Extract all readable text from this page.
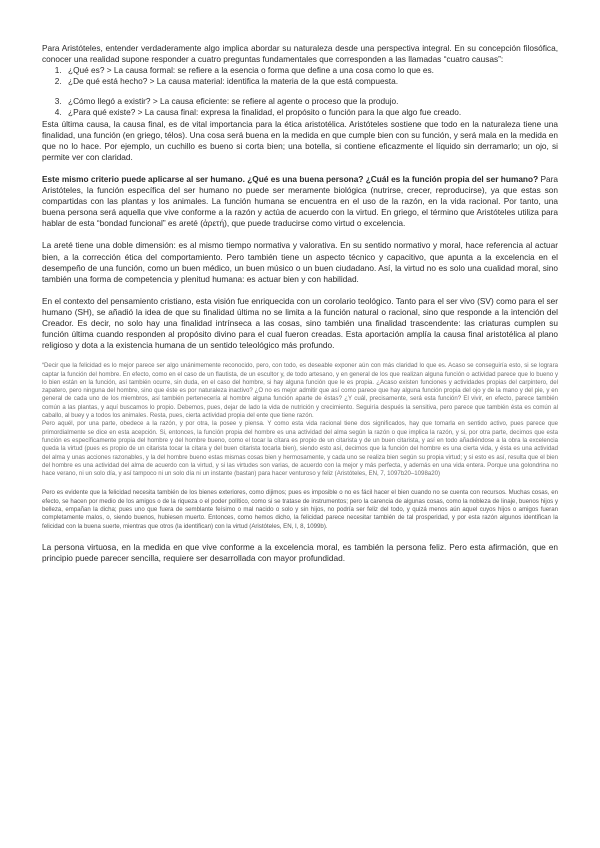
Para Aristóteles, entender verdaderamente algo implica abordar su naturaleza desde una perspectiva integral. En su concepción filosófica, conocer una realidad supone responder a cuatro preguntas fundamentales que corresponden a las llamadas “cuatro causas”:

1. ¿Qué es? > La causa formal: se refiere a la esencia o forma que define a una cosa como lo que es.
2. ¿De qué está hecho? > La causa material: identifica la materia de la que está compuesta.
3. ¿Cómo llegó a existir? > La causa eficiente: se refiere al agente o proceso que la produjo.
4. ¿Para qué existe? > La causa final: expresa la finalidad, el propósito o función para la que algo fue creado.

Esta última causa, la causa final, es de vital importancia para la ética aristotélica. Aristóteles sostiene que todo en la naturaleza tiene una finalidad, una función (en griego, télos). Una cosa será buena en la medida en que cumple bien con su función, y será mala en la medida en que no lo hace. Por ejemplo, un cuchillo es bueno si corta bien; una botella, si contiene eficazmente el líquido sin derramarlo; un ojo, si permite ver con claridad.

Este mismo criterio puede aplicarse al ser humano. ¿Qué es una buena persona? ¿Cuál es la función propia del ser humano? Para Aristóteles, la función específica del ser humano no puede ser meramente biológica (nutrirse, crecer, reproducirse), ya que estas son compartidas con las plantas y los animales. La función humana se encuentra en el uso de la razón, en la vida racional. Por tanto, una buena persona será aquella que vive conforme a la razón y actúa de acuerdo con la virtud. En griego, el término que Aristóteles utiliza para hablar de esta “bondad funcional” es areté (ἀρετή), que puede traducirse como virtud o excelencia.

La areté tiene una doble dimensión: es al mismo tiempo normativa y valorativa. En su sentido normativo y moral, hace referencia al actuar bien, a la corrección ética del comportamiento. Pero también tiene un aspecto técnico y capacitivo, que apunta a la excelencia en el desempeño de una función, como un buen médico, un buen músico o un buen ciudadano. Así, la virtud no es solo una cualidad moral, sino también una forma de competencia y plenitud humana: es actuar bien y con habilidad.

En el contexto del pensamiento cristiano, esta visión fue enriquecida con un corolario teológico. Tanto para el ser vivo (SV) como para el ser humano (SH), se añadió la idea de que su finalidad última no se limita a la función natural o racional, sino que responde a la intención del Creador. Es decir, no solo hay una finalidad intrínseca a las cosas, sino también una finalidad trascendente: las criaturas cumplen su función última cuando responden al propósito divino para el cual fueron creadas. Esta aportación amplía la causa final aristotélica al plano religioso y dota a la existencia humana de un sentido teleológico más profundo.

“Decir que la felicidad es lo mejor parece ser algo unánimemente reconocido, pero, con todo, es deseable exponer aún con más claridad lo que es. Acaso se conseguiría esto, si se lograra captar la función del hombre. En efecto, como en el caso de un flautista, de un escultor y, de todo artesano, y en general de los que realizan alguna función o actividad parece que lo bueno y lo bien están en la función, así también ocurre, sin duda, en el caso del hombre, si hay alguna función que le es propia. ¿Acaso existen funciones y actividades propias del carpintero, del zapatero, pero ninguna del hombre, sino que éste es por naturaleza inactivo? ¿O no es mejor admitir que así como parece que hay alguna función propia del ojo y de la mano y del pie, y en general de cada uno de los miembros, así también pertenecería al hombre alguna función aparte de éstas? ¿Y cuál, precisamente, será esta función? El vivir, en efecto, parece también común a las plantas, y aquí buscamos lo propio. Debemos, pues, dejar de lado la vida de nutrición y crecimiento. Seguiría después la sensitiva, pero parece que también ésta es común al caballo, al buey y a todos los animales. Resta, pues, cierta actividad propia del ente que tiene razón.

Pero aquél, por una parte, obedece a la razón, y por otra, la posee y piensa. Y como esta vida racional tiene dos significados, hay que tomarla en sentido activo, pues parece que primordialmente se dice en esta acepción. Si, entonces, la función propia del hombre es una actividad del alma según la razón o que implica la razón, y si, por otra parte, decimos que esta función es específicamente propia del hombre y del hombre bueno, como el tocar la cítara es propio de un citarista y de un buen citarista, y así en todo añadiéndose a la obra la excelencia queda la virtud (pues es propio de un citarista tocar la cítara y del buen citarista tocarla bien), siendo esto así, decimos que la función del hombre es una cierta vida, y ésta es una actividad del alma y unas acciones razonables, y la del hombre bueno estas mismas cosas bien y hermosamente, y cada uno se realiza bien según su propia virtud; y si esto es así, resulta que el bien del hombre es una actividad del alma de acuerdo con la virtud, y si las virtudes son varias, de acuerdo con la mejor y más perfecta, y además en una vida entera. Porque una golondrina no hace verano, ni un solo día, y así tampoco ni un solo día ni un instante (bastan) para hacer venturoso y feliz (Aristóteles, EN, 7, 1097b20–1098a20)

Pero es evidente que la felicidad necesita también de los bienes exteriores, como dijimos; pues es imposible o no es fácil hacer el bien cuando no se cuenta con recursos. Muchas cosas, en efecto, se hacen por medio de los amigos o de la riqueza o el poder político, como si se tratase de instrumentos; pero la carencia de algunas cosas, como la nobleza de linaje, buenos hijos y belleza, empañan la dicha; pues uno que fuera de semblante feísimo o mal nacido o solo y sin hijos, no podría ser feliz del todo, y quizá menos aún aquel cuyos hijos o amigos fueran completamente malos, o, siendo buenos, hubiesen muerto. Entonces, como hemos dicho, la felicidad parece necesitar también de tal prosperidad, y por esta razón algunos identifican la felicidad con la buena suerte, mientras que otros (la identifican) con la virtud (Aristóteles, EN, I, 8, 1099b).

La persona virtuosa, en la medida en que vive conforme a la excelencia moral, es también la persona feliz. Pero esta afirmación, que en principio puede parecer sencilla, requiere ser desarrollada con mayor profundidad.
